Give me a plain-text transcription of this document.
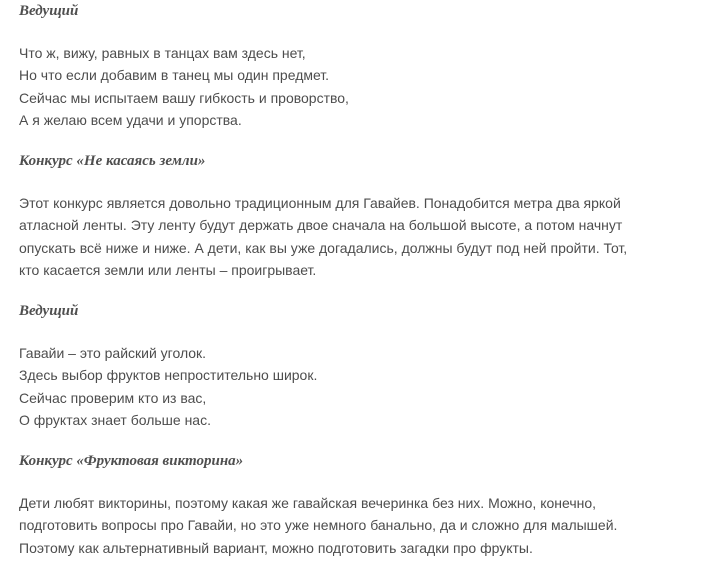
Ведущий
Что ж, вижу, равных в танцах вам здесь нет,
Но что если добавим в танец мы один предмет.
Сейчас мы испытаем вашу гибкость и проворство,
А я желаю всем удачи и упорства.
Конкурс «Не касаясь земли»
Этот конкурс является довольно традиционным для Гавайев. Понадобится метра два яркой
атласной ленты. Эту ленту будут держать двое сначала на большой высоте, а потом начнут
опускать всё ниже и ниже. А дети, как вы уже догадались, должны будут под ней пройти. Тот,
кто касается земли или ленты – проигрывает.
Ведущий
Гавайи – это райский уголок.
Здесь выбор фруктов непростительно широк.
Сейчас проверим кто из вас,
О фруктах знает больше нас.
Конкурс «Фруктовая викторина»
Дети любят викторины, поэтому какая же гавайская вечеринка без них. Можно, конечно,
подготовить вопросы про Гавайи, но это уже немного банально, да и сложно для малышей.
Поэтому как альтернативный вариант, можно подготовить загадки про фрукты.
